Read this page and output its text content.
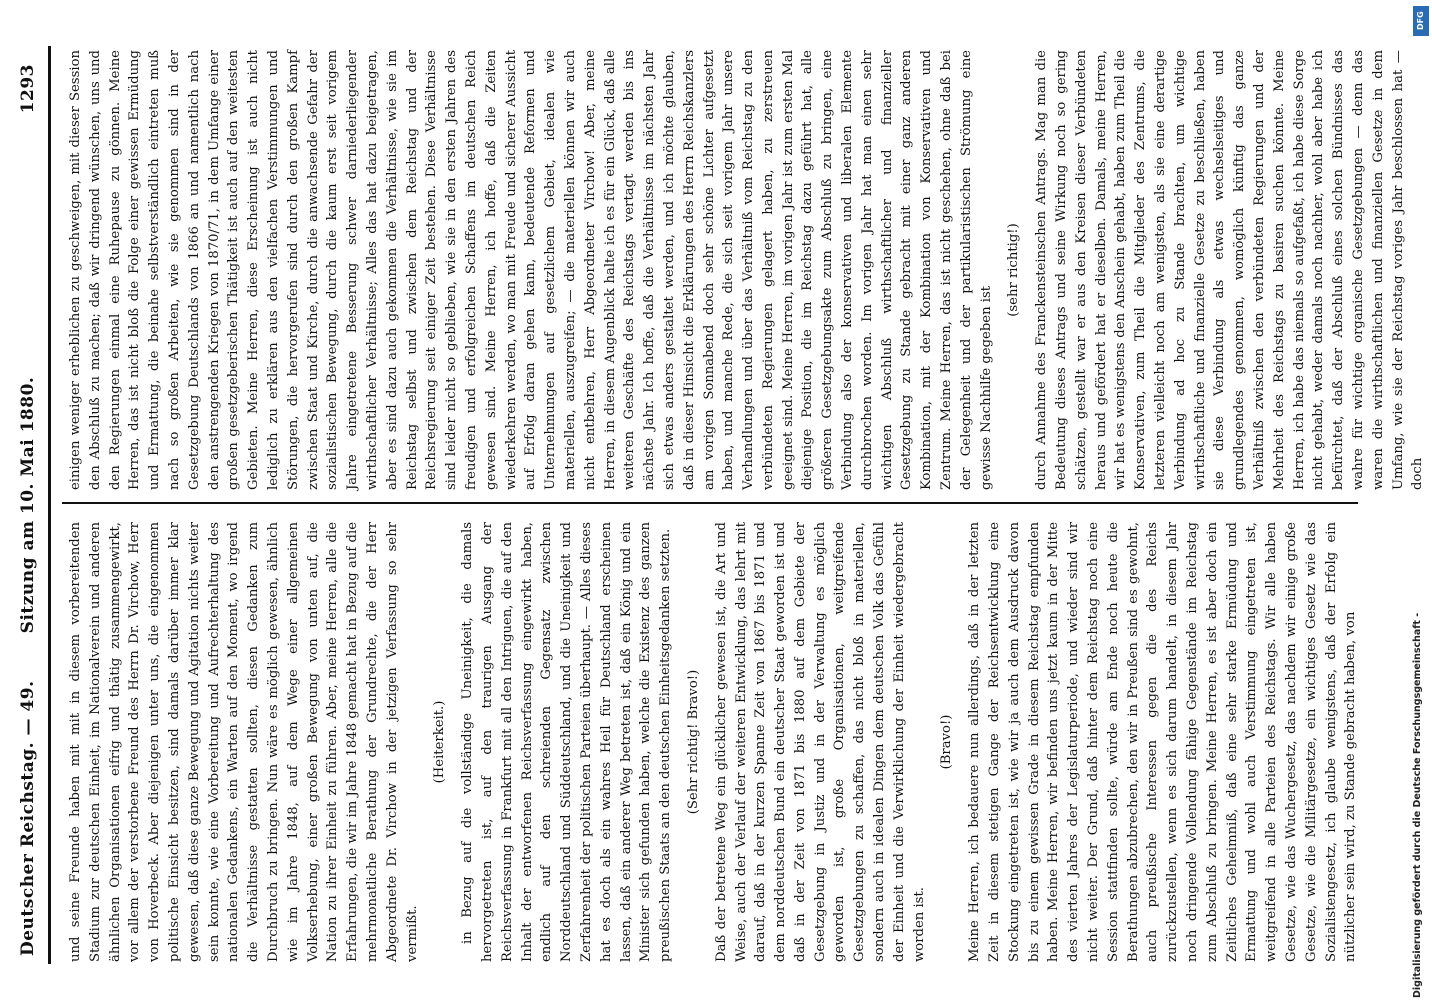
Deutscher Reichstag. — 49.
Sitzung am 10. Mai 1880.
1293

und seine Freunde haben mit mit in diesem vorbereitenden Stadium zur deutschen Einheit, im Nationalverein und anderen ähnlichen Organisationen eifrig und thätig zusammengewirkt, vor allem der verstorbene Freund des Herrn Dr. Virchow, Herr von Hoverbeck. Aber diejenigen unter uns, die eingenommen politische Einsicht besitzen, sind damals darüber immer klar gewesen, daß diese ganze Bewegung und Agitation nichts weiter sein konnte, wie eine Vorbereitung und Aufrechterhaltung des nationalen Gedankens, ein Warten auf den Moment, wo irgend die Verhältnisse gestatten sollten, diesen Gedanken zum Durchbruch zu bringen. Nun wäre es möglich gewesen, ähnlich wie im Jahre 1848, auf dem Wege einer allgemeinen Volkserhebung, einer großen Bewegung von unten auf, die Nation zu ihrer Einheit zu führen. Aber, meine Herren, alle die Erfahrungen, die wir im Jahre 1848 gemacht hat in Bezug auf die mehrmonatliche Berathung der Grundrechte, die der Herr Abgeordnete Dr. Virchow in der jetzigen Verfassung so sehr vermißt.

(Heiterkeit.) in Bezug auf die vollständige Uneinigkeit, die damals hervorgetreten ist, auf den traurigen Ausgang der Reichsverfassung in Frankfurt mit all den Intriguen, die auf den Inhalt der entworfenen Reichsverfassung eingewirkt haben, endlich auf den schreienden Gegensatz zwischen Norddeutschland und Süddeutschland, und die Uneinigkeit und Zerfahrenheit der politischen Parteien überhaupt. — Alles dieses hat es doch als ein wahres Heil für Deutschland erscheinen lassen, daß ein anderer Weg betreten ist, daß ein König und ein Minister sich gefunden haben, welche die Existenz des ganzen preußischen Staats an den deutschen Einheitsgedanken setzten. (Sehr richtig! Bravo!) Daß der betretene Weg ein glücklicher gewesen ist, die Art und Weise, auch der Verlauf der weiteren Entwicklung, das lehrt mit darauf, daß in der kurzen Spanne Zeit von 1867 bis 1871 und dem norddeutschen Bund ein deutscher Staat geworden ist und daß in der Zeit von 1871 bis 1880 auf dem Gebiete der Gesetzgebung in Justiz und in der Verwaltung es möglich geworden ist, große Organisationen, weitgreifende Gesetzgebungen zu schaffen, das nicht bloß in materiellen, sondern auch in idealen Dingen dem deutschen Volk das Gefühl der Einheit und die Verwirklichung der Einheit wiedergebracht worden ist.

(Bravo!) Meine Herren, ich bedauere nun allerdings, daß in der letzten Zeit in diesem stetigen Gange der Reichsentwicklung eine Stockung eingetreten ist, wie wir ja auch dem Ausdruck davon bis zu einem gewissen Grade in diesem Reichstag empfunden haben. Meine Herren, wir befinden uns jetzt kaum in der Mitte des vierten Jahres der Legislaturperiode, und wieder sind wir nicht weiter. Der Grund, daß hinter dem Reichstag noch eine Session stattfinden sollte, würde am Ende noch heute die Berathungen abzubrechen, den wir in Preußen sind es gewohnt, auch preußische Interessen gegen die des Reichs zurückzustellen, wenn es sich darum handelt, in diesem Jahr noch dringende Vollendung fähige Gegenstände im Reichstag zum Abschluß zu bringen. Meine Herren, es ist aber doch ein Zeitliches Geheimniß, daß eine sehr starke Ermüdung und Ermattung und wohl auch Verstimmung eingetreten ist, weitgreifend in alle Parteien des Reichstags. Wir alle haben Gesetze, wie das Wuchergesetz, das nachdem wir einige große Gesetze, wie die Militärgesetze, ein wichtiges Gesetz wie das Sozialistengesetz, ich glaube wenigstens, daß der Erfolg ein nützlicher sein wird, zu Stande gebracht haben, von

einigen weniger erheblichen zu geschweigen, mit dieser Session den Abschluß zu machen; daß wir dringend wünschen, uns und den Regierungen einmal eine Ruhepause zu gönnen. Meine Herren, das ist nicht bloß die Folge einer gewissen Ermüdung und Ermattung, die beinahe selbstverständlich eintreten muß nach so großen Arbeiten, wie sie genommen sind in der Gesetzgebung Deutschlands von 1866 an und namentlich nach den anstrengenden Kriegen von 1870/71, in dem Umfange einer großen gesetzgeberischen Thätigkeit ist auch auf den weitesten Gebieten. Meine Herren, diese Erscheinung ist auch nicht lediglich zu erklären aus den vielfachen Verstimmungen und Störungen, die hervorgerufen sind durch den großen Kampf zwischen Staat und Kirche, durch die anwachsende Gefahr der sozialistischen Bewegung, durch die kaum erst seit vorigem Jahre eingetretene Besserung schwer darniederliegender wirthschaftlicher Verhältnisse; Alles das hat dazu beigetragen, aber es sind dazu auch gekommen die Verhältnisse, wie sie im Reichstag selbst und zwischen dem Reichstag und der Reichsregierung seit einiger Zeit bestehen. Diese Verhältnisse sind leider nicht so geblieben, wie sie in den ersten Jahren des freudigen und erfolgreichen Schaffens im deutschen Reich gewesen sind. Meine Herren, ich hoffe, daß die Zeiten wiederkehren werden, wo man mit Freude und sicherer Aussicht auf Erfolg daran gehen kann, bedeutende Reformen und Unternehmungen auf gesetzlichem Gebiet, idealen wie materiellen, auszugreifen; — die materiellen können wir auch nicht entbehren, Herr Abgeordneter Virchow! Aber, meine Herren, in diesem Augenblick halte ich es für ein Glück, daß alle weiteren Geschäfte des Reichstags vertagt werden bis ins nächste Jahr. Ich hoffe, daß die Verhältnisse im nächsten Jahr sich etwas anders gestaltet werden, und ich möchte glauben, daß in dieser Hinsicht die Erklärungen des Herrn Reichskanzlers am vorigen Sonnabend doch sehr schöne Lichter aufgesetzt haben, und manche Rede, die sich seit vorigem Jahr unsere Verhandlungen und über das Verhältniß vom Reichstag zu den verbündeten Regierungen gelagert haben, zu zerstreuen geeignet sind. Meine Herren, im vorigen Jahr ist zum ersten Mal diejenige Position, die im Reichstag dazu geführt hat, alle größeren Gesetzgebungsakte zum Abschluß zu bringen, eine Verbindung also der konservativen und liberalen Elemente durchbrochen worden. Im vorigen Jahr hat man einen sehr wichtigen Abschluß wirthschaftlicher und finanzieller Gesetzgebung zu Stande gebracht mit einer ganz anderen Kombination, mit der Kombination von Konservativen und Zentrum. Meine Herren, das ist nicht geschehen, ohne daß bei der Gelegenheit und der partikularistischen Strömung eine gewisse Nachhilfe gegeben ist

(sehr richtig!) durch Annahme des Franckensteinschen Antrags. Mag man die Bedeutung dieses Antrags und seine Wirkung noch so gering schätzen, gestellt war er aus den Kreisen dieser Verbündeten heraus und gefördert hat er dieselben. Damals, meine Herren, wir hat es wenigstens den Anschein gehabt, haben zum Theil die Konservativen, zum Theil die Mitglieder des Zentrums, die letzteren vielleicht noch am wenigsten, als sie eine derartige Verbindung ad hoc zu Stande brachten, um wichtige wirthschaftliche und finanzielle Gesetze zu beschließen, haben sie diese Verbindung als etwas wechselseitiges und grundlegendes genommen, womöglich künftig das ganze Verhältniß zwischen den verbündeten Regierungen und der Mehrheit des Reichstags zu basiren suchen könnte. Meine Herren, ich habe das niemals so aufgefaßt, ich habe diese Sorge nicht gehabt, weder damals noch nachher, wohl aber habe ich befürchtet, daß der Abschluß eines solchen Bündnisses das wahre für wichtige organische Gesetzgebungen — denn das waren die wirthschaftlichen und finanziellen Gesetze in dem Umfang, wie sie der Reichstag voriges Jahr beschlossen hat — doch

Digitalisierung gefördert durch die Deutsche Forschungsgemeinschaft -
DFG
